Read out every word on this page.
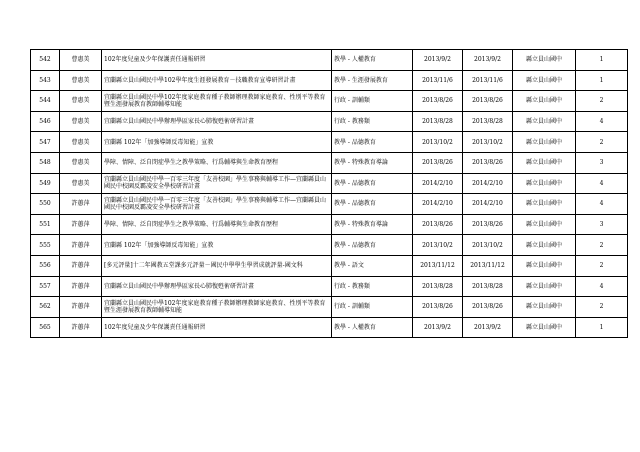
542	曹惠美	102年度兒童及少年保護責任通報研習	教學 - 人權教育	2013/9/2	2013/9/2	縣立員山國中	1
543	曹惠美	宜蘭縣立員山國民中學102學年度生涯發展教育－技職教育宣導研習計畫	教學 - 生涯發展教育	2013/11/6	2013/11/6	縣立員山國中	1
544	曹惠美	宜蘭縣立員山國民中學102年度家庭教育種子教師辦理教師家庭教育、性別平等教育暨生涯發展教育教師輔導知能	行政 - 訓輔類	2013/8/26	2013/8/26	縣立員山國中	2
546	曹惠美	宜蘭縣立員山國民中學辦理學區家長心肺復甦術研習計畫	行政 - 教務類	2013/8/28	2013/8/28	縣立員山國中	4
547	曹惠美	宜蘭縣 102年「加強導師反毒知能」宣教	教學 - 品德教育	2013/10/2	2013/10/2	縣立員山國中	2
548	曹惠美	學障、情障、泛自閉症學生之教學策略、行爲輔導與生命教育歷程	教學 - 特殊教育導論	2013/8/26	2013/8/26	縣立員山國中	3
549	曹惠美	宜蘭縣立員山國民中學一百零三年度「友善校園」學生事務與輔導工作—宜蘭縣員山國民中校園反霸凌安全學校研習計畫	教學 - 品德教育	2014/2/10	2014/2/10	縣立員山國中	4
550	許蕙萍	宜蘭縣立員山國民中學一百零三年度「友善校園」學生事務與輔導工作—宜蘭縣員山國民中校園反霸凌安全學校研習計畫	教學 - 品德教育	2014/2/10	2014/2/10	縣立員山國中	4
551	許蕙萍	學障、情障、泛自閉症學生之教學策略、行爲輔導與生命教育歷程	教學 - 特殊教育導論	2013/8/26	2013/8/26	縣立員山國中	3
555	許蕙萍	宜蘭縣 102年「加強導師反毒知能」宣教	教學 - 品德教育	2013/10/2	2013/10/2	縣立員山國中	2
556	許蕙萍	[多元評量]十二年國教五堂課多元評量－國民中學學生學習成就評量-國文科	教學 - 語文	2013/11/12	2013/11/12	縣立員山國中	2
557	許蕙萍	宜蘭縣立員山國民中學辦理學區家長心肺復甦術研習計畫	行政 - 教務類	2013/8/28	2013/8/28	縣立員山國中	4
562	許蕙萍	宜蘭縣立員山國民中學102年度家庭教育種子教師辦理教師家庭教育、性別平等教育暨生涯發展教育教師輔導知能	行政 - 訓輔類	2013/8/26	2013/8/26	縣立員山國中	2
565	許蕙萍	102年度兒童及少年保護責任通報研習	教學 - 人權教育	2013/9/2	2013/9/2	縣立員山國中	1
